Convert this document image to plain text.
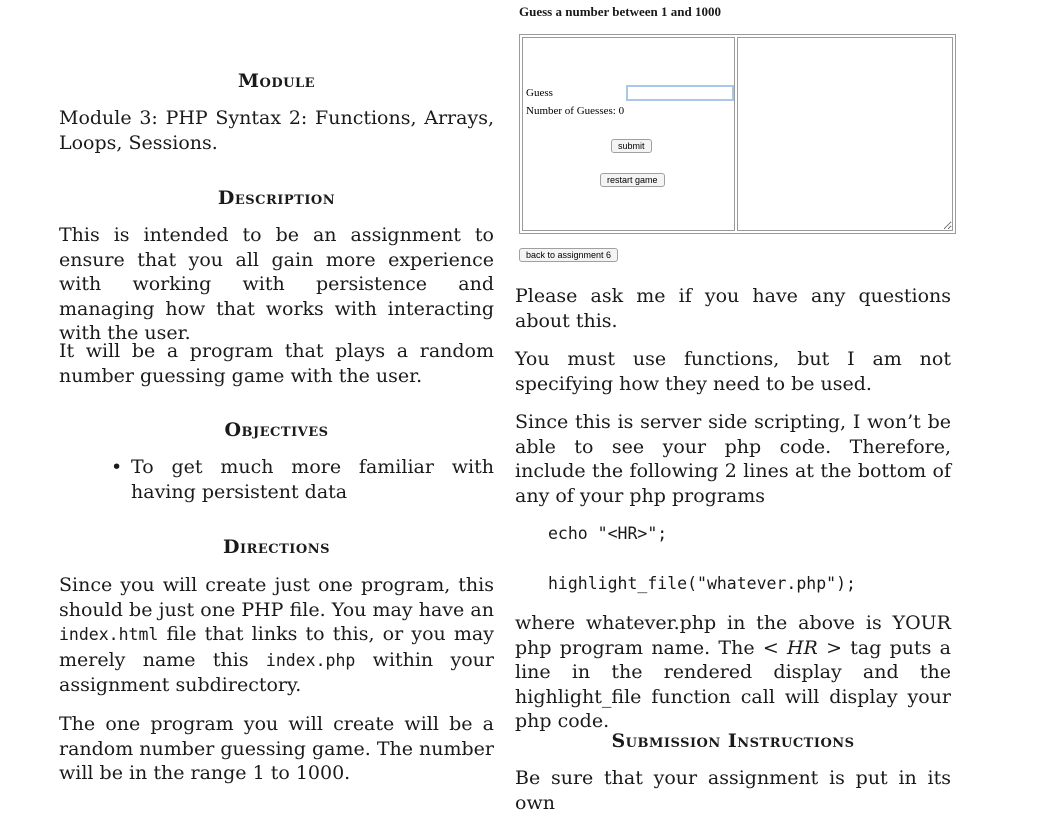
Module

Module 3: PHP Syntax 2: Functions, Arrays, Loops, Sessions.

Description

This is intended to be an assignment to ensure that you all gain more experience with working with persistence and managing how that works with interacting with the user.

It will be a program that plays a random number guessing game with the user.

Objectives
• To get much more familiar with having persistent data
Directions

Since you will create just one program, this should be just one PHP file. You may have an index.html file that links to this, or you may merely name this index.php within your assignment subdirectory.

The one program you will create will be a random number guessing game. The number will be in the range 1 to 1000.

Guess a number between 1 and 1000
Guess
Number of Guesses: 0
submit
restart game
back to assignment 6

Please ask me if you have any questions about this.

You must use functions, but I am not specifying how they need to be used.

Since this is server side scripting, I won’t be able to see your php code. Therefore, include the following 2 lines at the bottom of any of your php programs

echo "<HR>";
highlight_file("whatever.php");

where whatever.php in the above is YOUR php program name. The < HR > tag puts a line in the rendered display and the highlight_file function call will display your php code.

Submission Instructions

Be sure that your assignment is put in its own
